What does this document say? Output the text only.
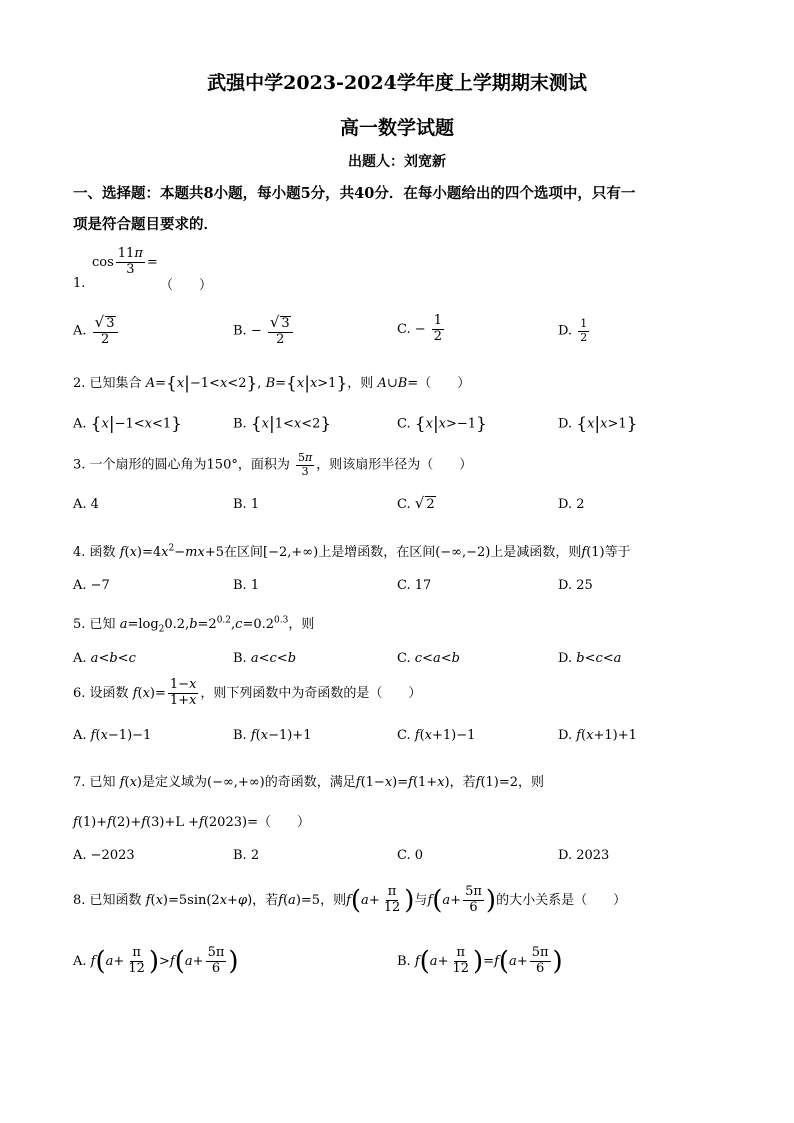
武强中学2023-2024学年度上学期期末测试
高一数学试题
出题人：刘宽新
一、选择题：本题共8小题，每小题5分，共40分．在每小题给出的四个选项中，只有一
项是符合题目要求的．
$\cos \frac{11\pi}{3}$ =
1.	（　　）
A. $\frac{√ 3}{2}$	B. − $\frac{√ 3}{2}$	C. − $\frac{1}{2}$	D. $\frac{1}{2}$
2. 已知集合 A={x|−1<x<2}, B={x|x>1}，则 A∪B=（　　）
A. {x|−1<x<1}	B. {x|1<x<2}	C. {x|x>−1}	D. {x|x>1}
3. 一个扇形的圆心角为150°，面积为 $\frac{5\pi}{3}$ ，则该扇形半径为（　　）
A. 4	B. 1	C. √ 2	D. 2
4. 函数 $f(x)=4x^2-mx+5$在区间[−2,+∞)上是增函数，在区间(−∞,−2)上是减函数，则f(1)等于
A. −7	B. 1	C. 17	D. 25
5. 已知 $a=\log_20.2,b=2^{0.2},c=0.2^{0.3}$，则
A. a<b<c	B. a<c<b	C. c<a<b	D. b<c<a
6. 设函数 $f(x)= \frac{1-x}{1+x}$ ，则下列函数中为奇函数的是（　　）
A. f(x−1)−1	B. f(x−1)+1	C. f(x+1)−1	D. f(x+1)+1
7. 已知 f(x)是定义域为(−∞,+∞)的奇函数，满足f(1−x)=f(1+x)，若f(1)=2，则
f(1)+f(2)+f(3)+L +f(2023)=（　　）
A. −2023	B. 2	C. 0	D. 2023
8. 已知函数 f(x)=5sin(2x+φ)，若f(a)=5，则$f(a+ \frac{\pi}{12}$ )与$f(a+ \frac{5\pi}{6}$ )的大小关系是（　　）
A. $f(a+ \frac{\pi}{12} )>f(a+ \frac{5\pi}{6}$ )	B. $f(a+ \frac{\pi}{12} )=f(a+ \frac{5\pi}{6}$ )
